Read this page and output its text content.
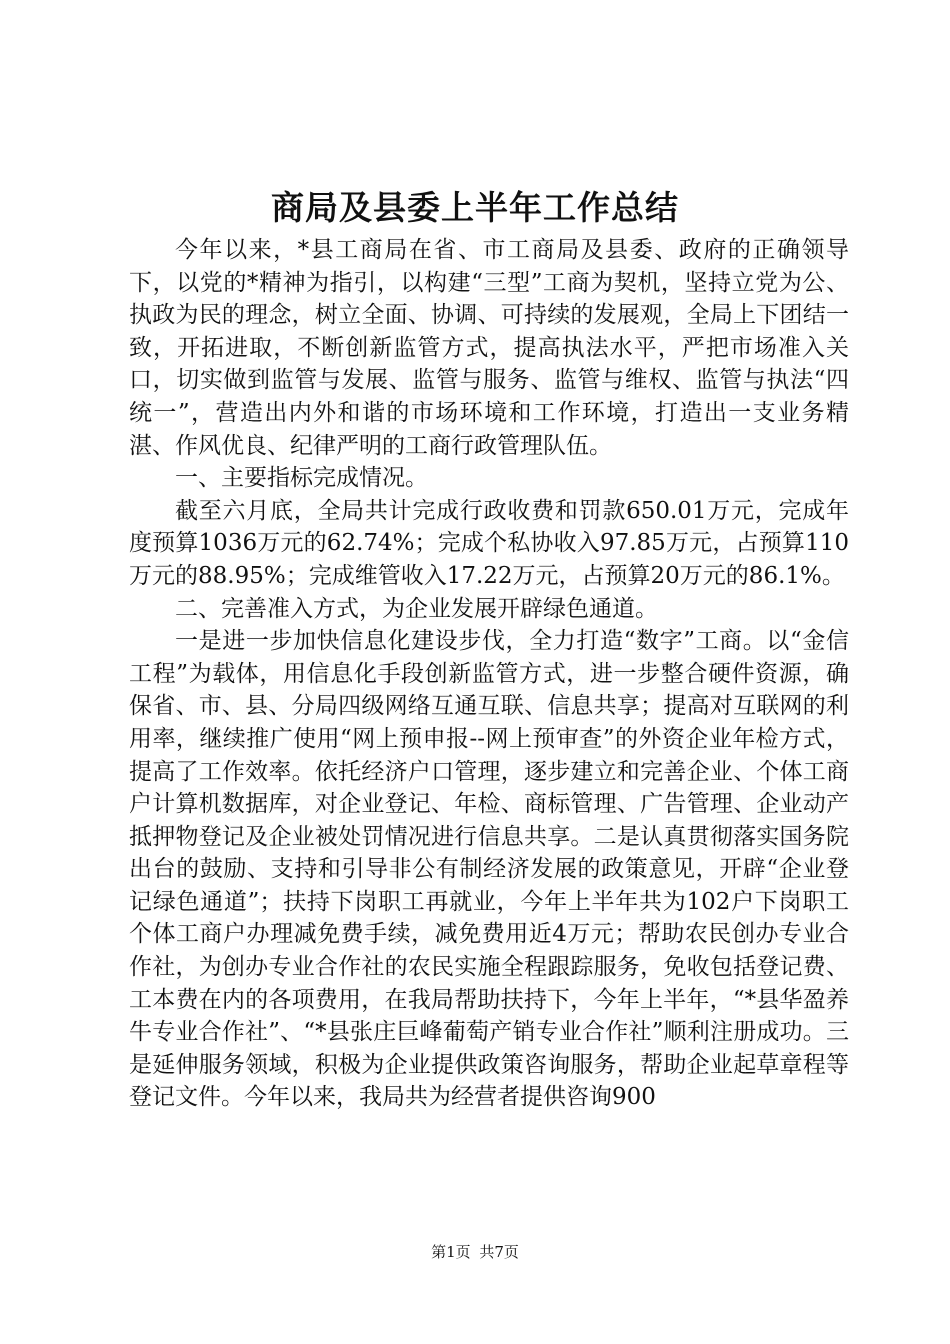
商局及县委上半年工作总结

今年以来，*县工商局在省、市工商局及县委、政府的正确领导下，以党的*精神为指引，以构建“三型”工商为契机，坚持立党为公、执政为民的理念，树立全面、协调、可持续的发展观，全局上下团结一致，开拓进取，不断创新监管方式，提高执法水平，严把市场准入关口，切实做到监管与发展、监管与服务、监管与维权、监管与执法“四统一”，营造出内外和谐的市场环境和工作环境，打造出一支业务精湛、作风优良、纪律严明的工商行政管理队伍。

一、主要指标完成情况。

截至六月底，全局共计完成行政收费和罚款650.01万元，完成年度预算1036万元的62.74%；完成个私协收入97.85万元，占预算110万元的88.95%；完成维管收入17.22万元，占预算20万元的86.1%。

二、完善准入方式，为企业发展开辟绿色通道。

一是进一步加快信息化建设步伐，全力打造“数字”工商。以“金信工程”为载体，用信息化手段创新监管方式，进一步整合硬件资源，确保省、市、县、分局四级网络互通互联、信息共享；提高对互联网的利用率，继续推广使用“网上预申报--网上预审查”的外资企业年检方式，提高了工作效率。依托经济户口管理，逐步建立和完善企业、个体工商户计算机数据库，对企业登记、年检、商标管理、广告管理、企业动产抵押物登记及企业被处罚情况进行信息共享。二是认真贯彻落实国务院出台的鼓励、支持和引导非公有制经济发展的政策意见，开辟“企业登记绿色通道”；扶持下岗职工再就业，今年上半年共为102户下岗职工个体工商户办理减免费手续，减免费用近4万元；帮助农民创办专业合作社，为创办专业合作社的农民实施全程跟踪服务，免收包括登记费、工本费在内的各项费用，在我局帮助扶持下，今年上半年，“*县华盈养牛专业合作社”、“*县张庄巨峰葡萄产销专业合作社”顺利注册成功。三是延伸服务领域，积极为企业提供政策咨询服务，帮助企业起草章程等登记文件。今年以来，我局共为经营者提供咨询900

第1页 共7页
